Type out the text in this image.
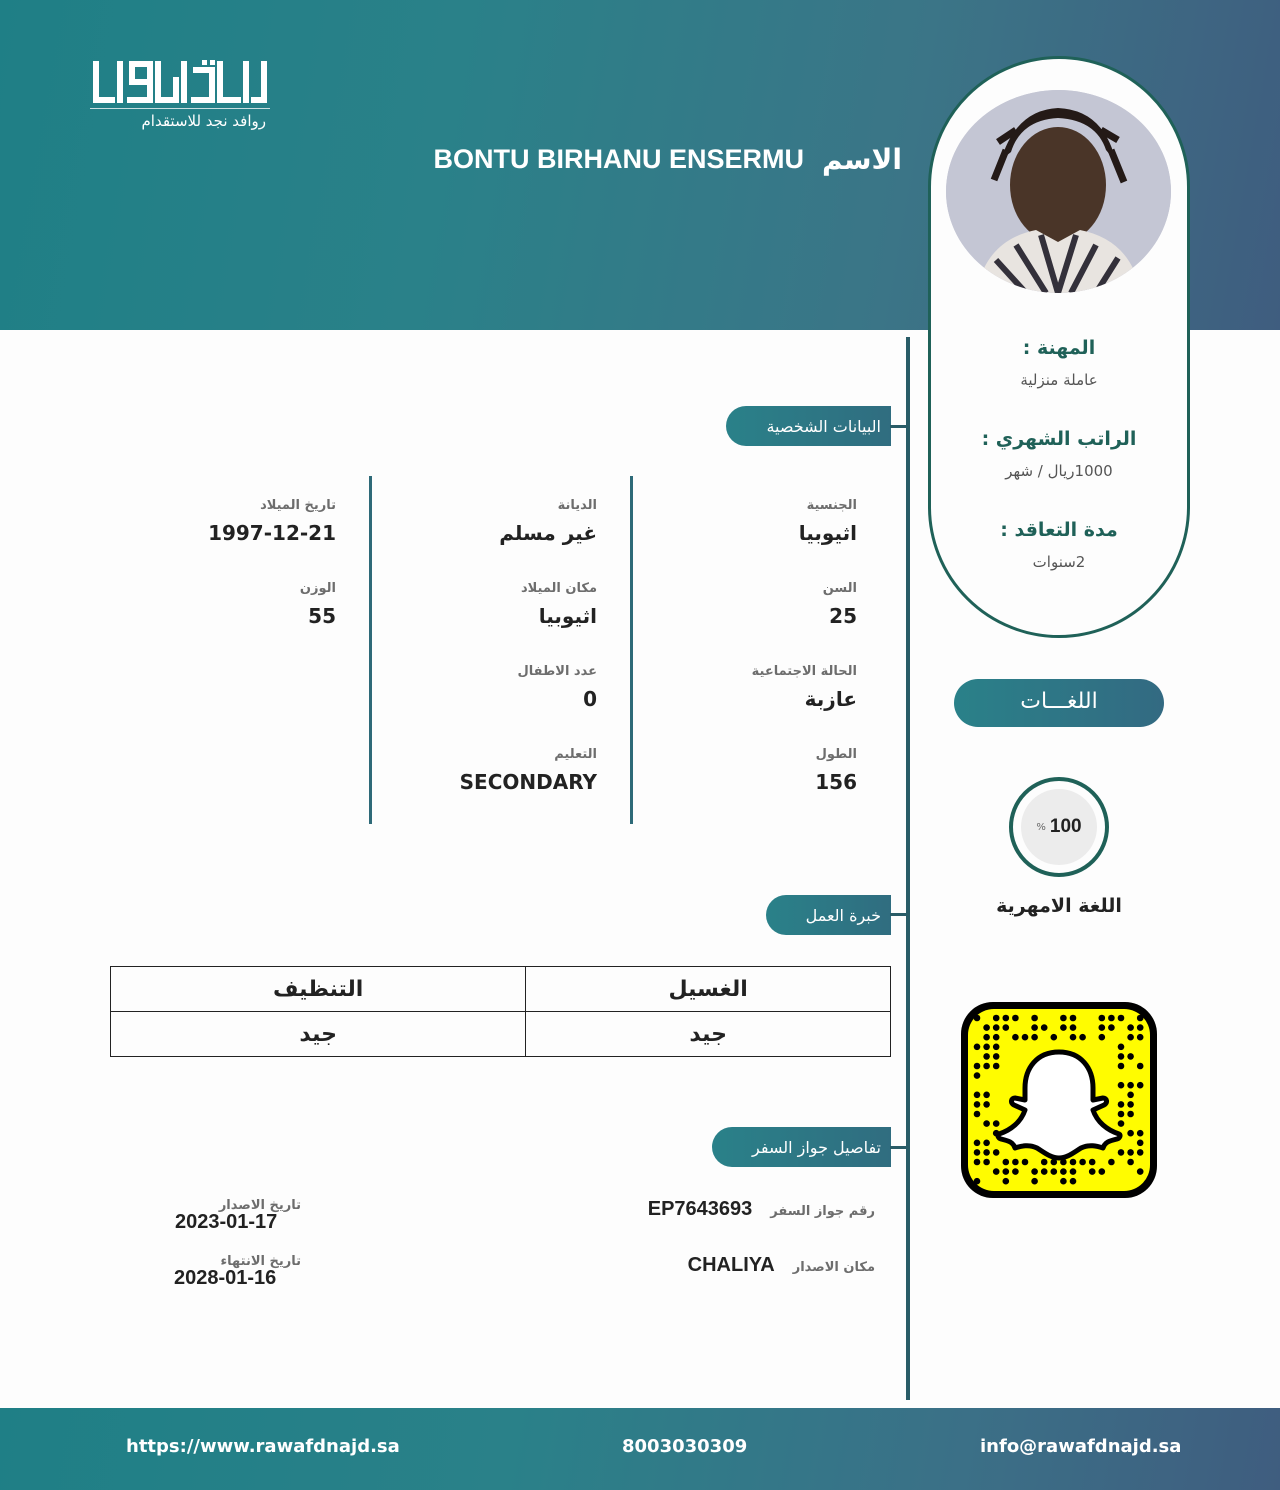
روافد نجد للاستقدام
الاسم
BONTU BIRHANU ENSERMU
المهنة :
عاملة منزلية
الراتب الشهري :
1000ريال / شهر
مدة التعاقد :
2سنوات
البيانات الشخصية
الجنسية
اثيوبيا
السن
25
الحالة الاجتماعية
عازبة
الطول
156
الديانة
غير مسلم
مكان الميلاد
اثيوبيا
عدد الاطفال
0
التعليم
SECONDARY
تاريخ الميلاد
1997-12-21
الوزن
55
خبرة العمل
الغسيل	التنظيف
جيد	جيد
تفاصيل جواز السفر
رقم جواز السفر
EP7643693
مكان الاصدار
CHALIYA
تاريخ الاصدار
2023-01-17
تاريخ الانتهاء
2028-01-16
اللغـــات
% 100
اللغة الامهرية
https://www.rawafdnajd.sa	8003030309	info@rawafdnajd.sa
